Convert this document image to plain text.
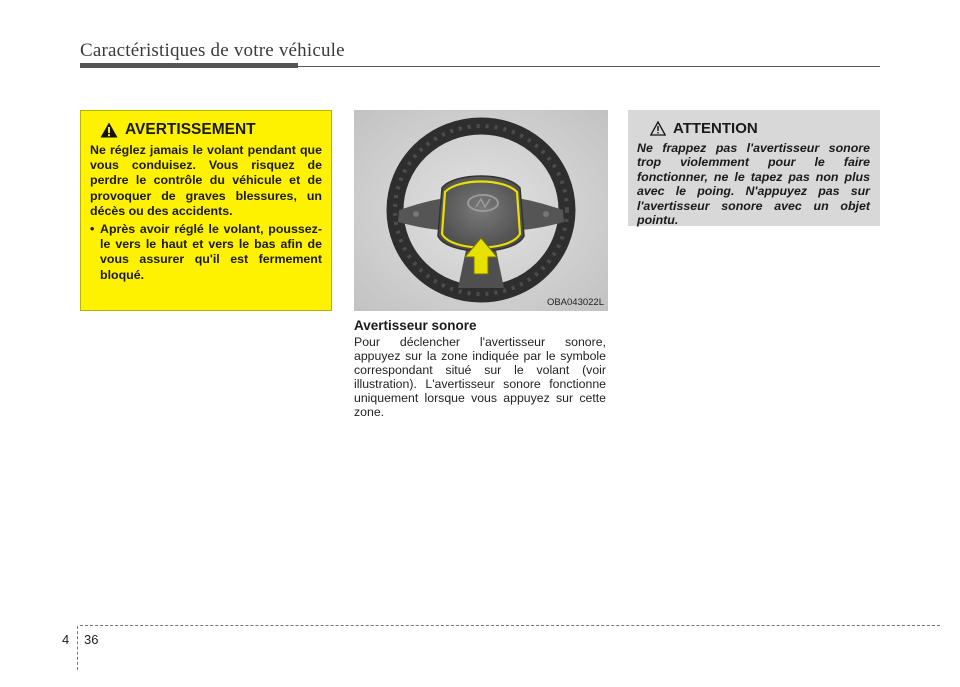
Caractéristiques de votre véhicule
AVERTISSEMENT
Ne réglez jamais le volant pendant que vous conduisez. Vous risquez de perdre le contrôle du véhicule et de provoquer de graves blessures, un décès ou des accidents.
• Après avoir réglé le volant, poussez-le vers le haut et vers le bas afin de vous assurer qu'il est fermement bloqué.
OBA043022L
Avertisseur sonore
Pour déclencher l'avertisseur sonore, appuyez sur la zone indiquée par le symbole correspondant situé sur le volant (voir illustration). L'avertisseur sonore fonctionne uniquement lorsque vous appuyez sur cette zone.
ATTENTION
Ne frappez pas l'avertisseur sonore trop violemment pour le faire fonctionner, ne le tapez pas non plus avec le poing. N'appuyez pas sur l'avertisseur sonore avec un objet pointu.
4 36
